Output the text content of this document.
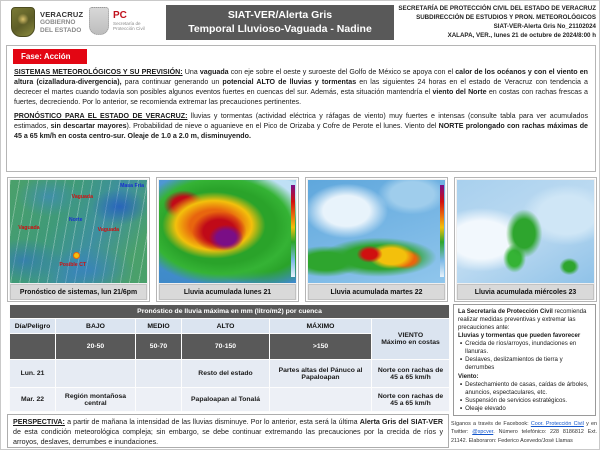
VERACRUZ
GOBIERNO
DEL ESTADO
PC
Secretaría de Protección Civil
SIAT-VER/Alerta Gris
Temporal Lluvioso-Vaguada - Nadine
SECRETARÍA DE PROTECCIÓN CIVIL DEL ESTADO DE VERACRUZ
SUBDIRECCIÓN DE ESTUDIOS Y PRON. METEOROLÓGICOS
SIAT-VER-Alerta Gris No_21102024
XALAPA, VER., lunes 21 de octubre de 2024/8:00 h
Fase: Acción

SISTEMAS METEOROLÓGICOS Y SU PREVISIÓN: Una vaguada con eje sobre el oeste y suroeste del Golfo de México se apoya con el calor de los océanos y con el viento en altura (cizalladura-divergencia), para continuar generando un potencial ALTO de lluvias y tormentas en las siguientes 24 horas en el estado de Veracruz con tendencia a decrecer el martes cuando todavía son posibles algunos eventos fuertes en cuencas del sur. Además, esta situación mantendría el viento del Norte en costas con rachas frescas a fuertes, decreciendo. Por lo anterior, se recomienda extremar las precauciones pertinentes.

PRONÓSTICO PARA EL ESTADO DE VERACRUZ: lluvias y tormentas (actividad eléctrica y ráfagas de viento) muy fuertes e intensas (consulte tabla para ver acumulados estimados, sin descartar mayores). Probabilidad de nieve o aguanieve en el Pico de Orizaba y Cofre de Perote el lunes. Viento del NORTE prolongado con rachas máximas de 45 a 65 km/h en costa centro-sur. Oleaje de 1.0 a 2.0 m, disminuyendo.

Masa Fría
Vaguada
Vaguada	Vaguada
Norte
Posible CT
Pronóstico de sistemas, lun 21/6pm	Lluvia acumulada lunes 21	Lluvia acumulada martes 22	Lluvia acumulada miércoles 23
Pronóstico de lluvia máxima en mm (litro/m2) por cuenca					
Día/Peligro	BAJO	MEDIO	ALTO	MÁXIMO	VIENTO
Máximo en costas

	20-50	50-70	70-150	>150	
Lun. 21			Resto del estado	Partes altas del Pánuco al Papaloapan	Norte con rachas de 45 a 65 km/h
Mar. 22	Región montañosa central		Papaloapan al Tonalá		Norte con rachas de 45 a 65 km/h
La Secretaría de Protección Civil recomienda realizar medidas preventivas y extremar las precauciones ante:
Lluvias y tormentas que pueden favorecer
• Crecida de ríos/arroyos, inundaciones en llanuras.
• Deslaves, deslizamientos de tierra y derrumbes
Viento:
• Destechamiento de casas, caídas de árboles, anuncios, espectaculares, etc.
• Suspensión de servicios estratégicos.
• Oleaje elevado
PERSPECTIVA: a partir de mañana la intensidad de las lluvias disminuye. Por lo anterior, esta será la última Alerta Gris del SIAT-VER de esta condición meteorológica compleja; sin embargo, se debe continuar extremando las precauciones por la crecida de ríos y arroyos, deslaves, derrumbes e inundaciones.
Síganos a través de Facebook: Coor. Protección Civil y en Twitter: @spcver. Número telefónico: 228 8186812 Ext. 21142. Elaboraron: Federico Acevedo/José Llamas
